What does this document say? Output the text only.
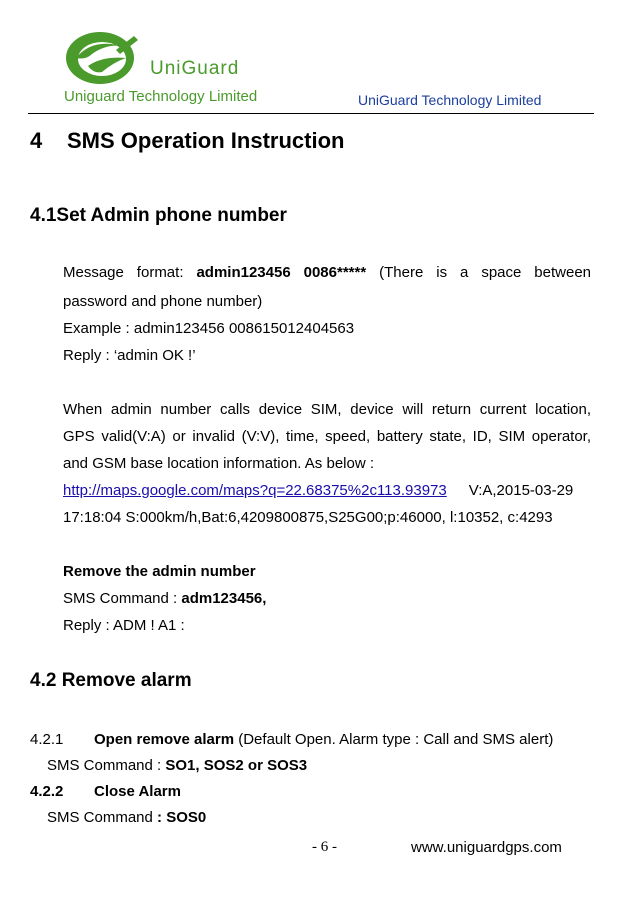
UniGuard
Uniguard Technology Limited	UniGuard Technology Limited
4 SMS Operation Instruction
4.1Set Admin phone number
Message format: admin123456 0086***** (There is a space between
password and phone number)
Example : admin123456 008615012404563
Reply : ‘admin OK !’
When admin number calls device SIM, device will return current location,
GPS valid(V:A) or invalid (V:V), time, speed, battery state, ID, SIM operator,
and GSM base location information. As below :
http://maps.google.com/maps?q=22.68375%2c113.93973 V:A,2015-03-29
17:18:04 S:000km/h,Bat:6,4209800875,S25G00;p:46000, l:10352, c:4293
Remove the admin number
SMS Command : adm123456,
Reply : ADM ! A1 :
4.2 Remove alarm
4.2.1 Open remove alarm (Default Open. Alarm type : Call and SMS alert)
SMS Command : SO1, SOS2 or SOS3
4.2.2 Close Alarm
SMS Command : SOS0
- 6 -	www.uniguardgps.com
